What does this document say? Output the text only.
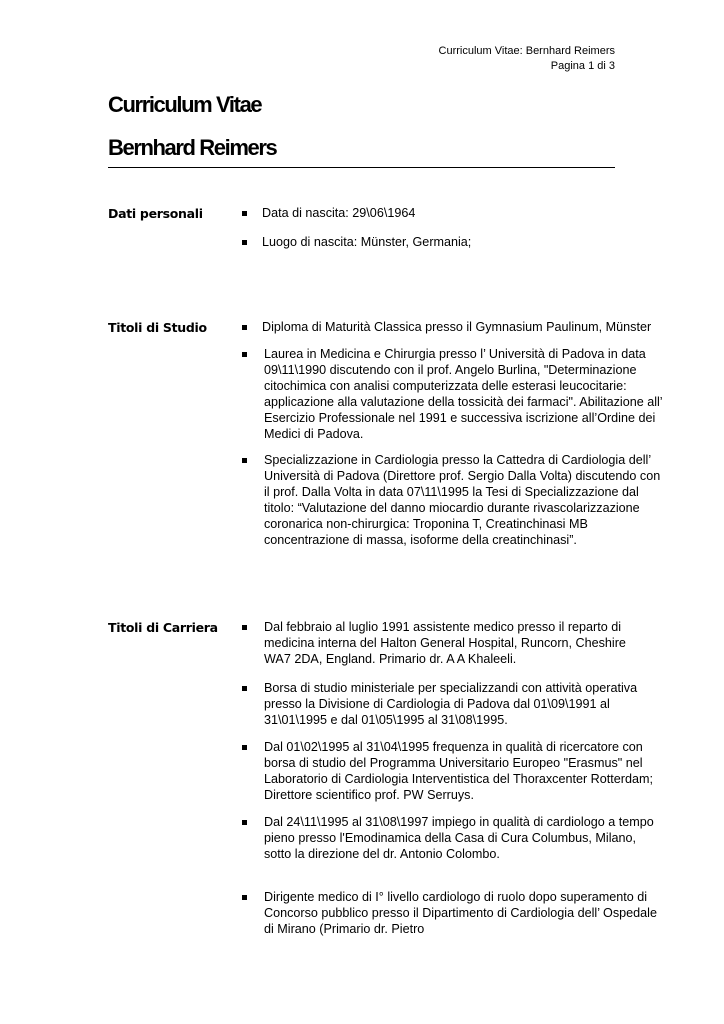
Curriculum Vitae: Bernhard Reimers
Pagina 1 di 3
Curriculum Vitae
Bernhard Reimers
Dati personali	Data di nascita: 29\06\1964
Luogo di nascita: Münster, Germania;
Titoli di Studio	Diploma di Maturità Classica presso il Gymnasium Paulinum, Münster
Laurea in Medicina e Chirurgia presso l’ Università di Padova in data 09\11\1990 discutendo con il prof. Angelo Burlina, "Determinazione citochimica con analisi computerizzata delle esterasi leucocitarie: applicazione alla valutazione della tossicità dei farmaci". Abilitazione all’ Esercizio Professionale nel 1991 e successiva iscrizione all’Ordine dei Medici di Padova.
Specializzazione in Cardiologia presso la Cattedra di Cardiologia dell’ Università di Padova (Direttore prof. Sergio Dalla Volta) discutendo con il prof. Dalla Volta in data 07\11\1995 la Tesi di Specializzazione dal titolo: “Valutazione del danno miocardio durante rivascolarizzazione coronarica non-chirurgica: Troponina T, Creatinchinasi MB concentrazione di massa, isoforme della creatinchinasi”.
Titoli di Carriera	Dal febbraio al luglio 1991 assistente medico presso il reparto di medicina interna del Halton General Hospital, Runcorn, Cheshire WA7 2DA, England. Primario dr. A A Khaleeli.
Borsa di studio ministeriale per specializzandi con attività operativa presso la Divisione di Cardiologia di Padova dal 01\09\1991 al 31\01\1995 e dal 01\05\1995 al 31\08\1995.
Dal 01\02\1995 al 31\04\1995 frequenza in qualità di ricercatore con borsa di studio del Programma Universitario Europeo "Erasmus" nel Laboratorio di Cardiologia Interventistica del Thoraxcenter Rotterdam; Direttore scientifico prof. PW Serruys.
Dal 24\11\1995 al 31\08\1997 impiego in qualità di cardiologo a tempo pieno presso l'Emodinamica della Casa di Cura Columbus, Milano, sotto la direzione del dr. Antonio Colombo.
Dirigente medico di I° livello cardiologo di ruolo dopo superamento di Concorso pubblico presso il Dipartimento di Cardiologia dell’ Ospedale di Mirano (Primario dr. Pietro
